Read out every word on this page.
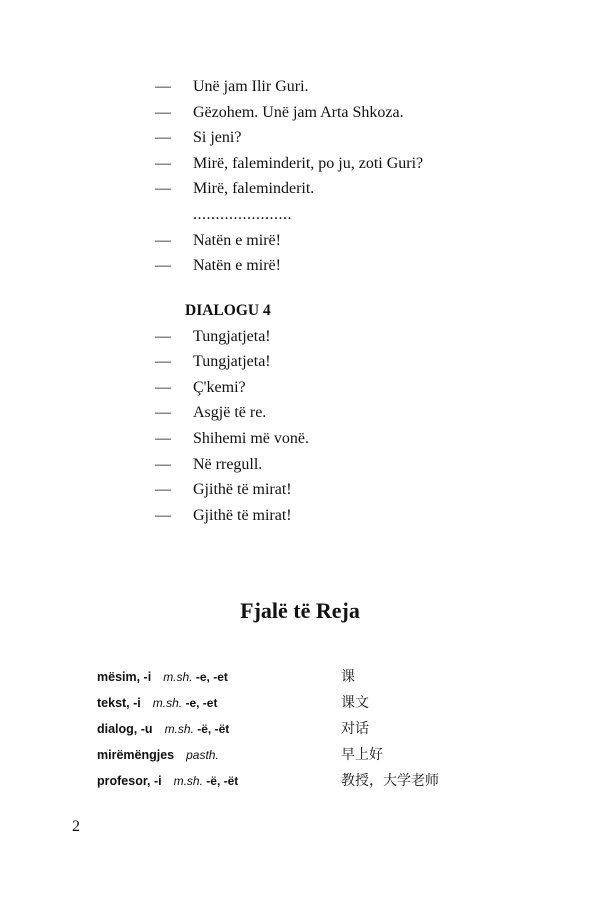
— Unë jam Ilir Guri.
— Gëzohem. Unë jam Arta Shkoza.
— Si jeni?
— Mirë, faleminderit, po ju, zoti Guri?
— Mirë, faleminderit.
......................
— Natën e mirë!
— Natën e mirë!
DIALOGU 4
— Tungjatjeta!
— Tungjatjeta!
— Ç'kemi?
— Asgjë të re.
— Shihemi më vonë.
— Në rregull.
— Gjithë të mirat!
— Gjithë të mirat!
Fjalë të Reja
mësim, -i m.sh. -e, -et	课
tekst, -i m.sh. -e, -et	课文
dialog, -u m.sh. -ë, -ët	对话
mirëmëngjes pasth.	早上好
profesor, -i m.sh. -ë, -ët	教授，大学老师
2
